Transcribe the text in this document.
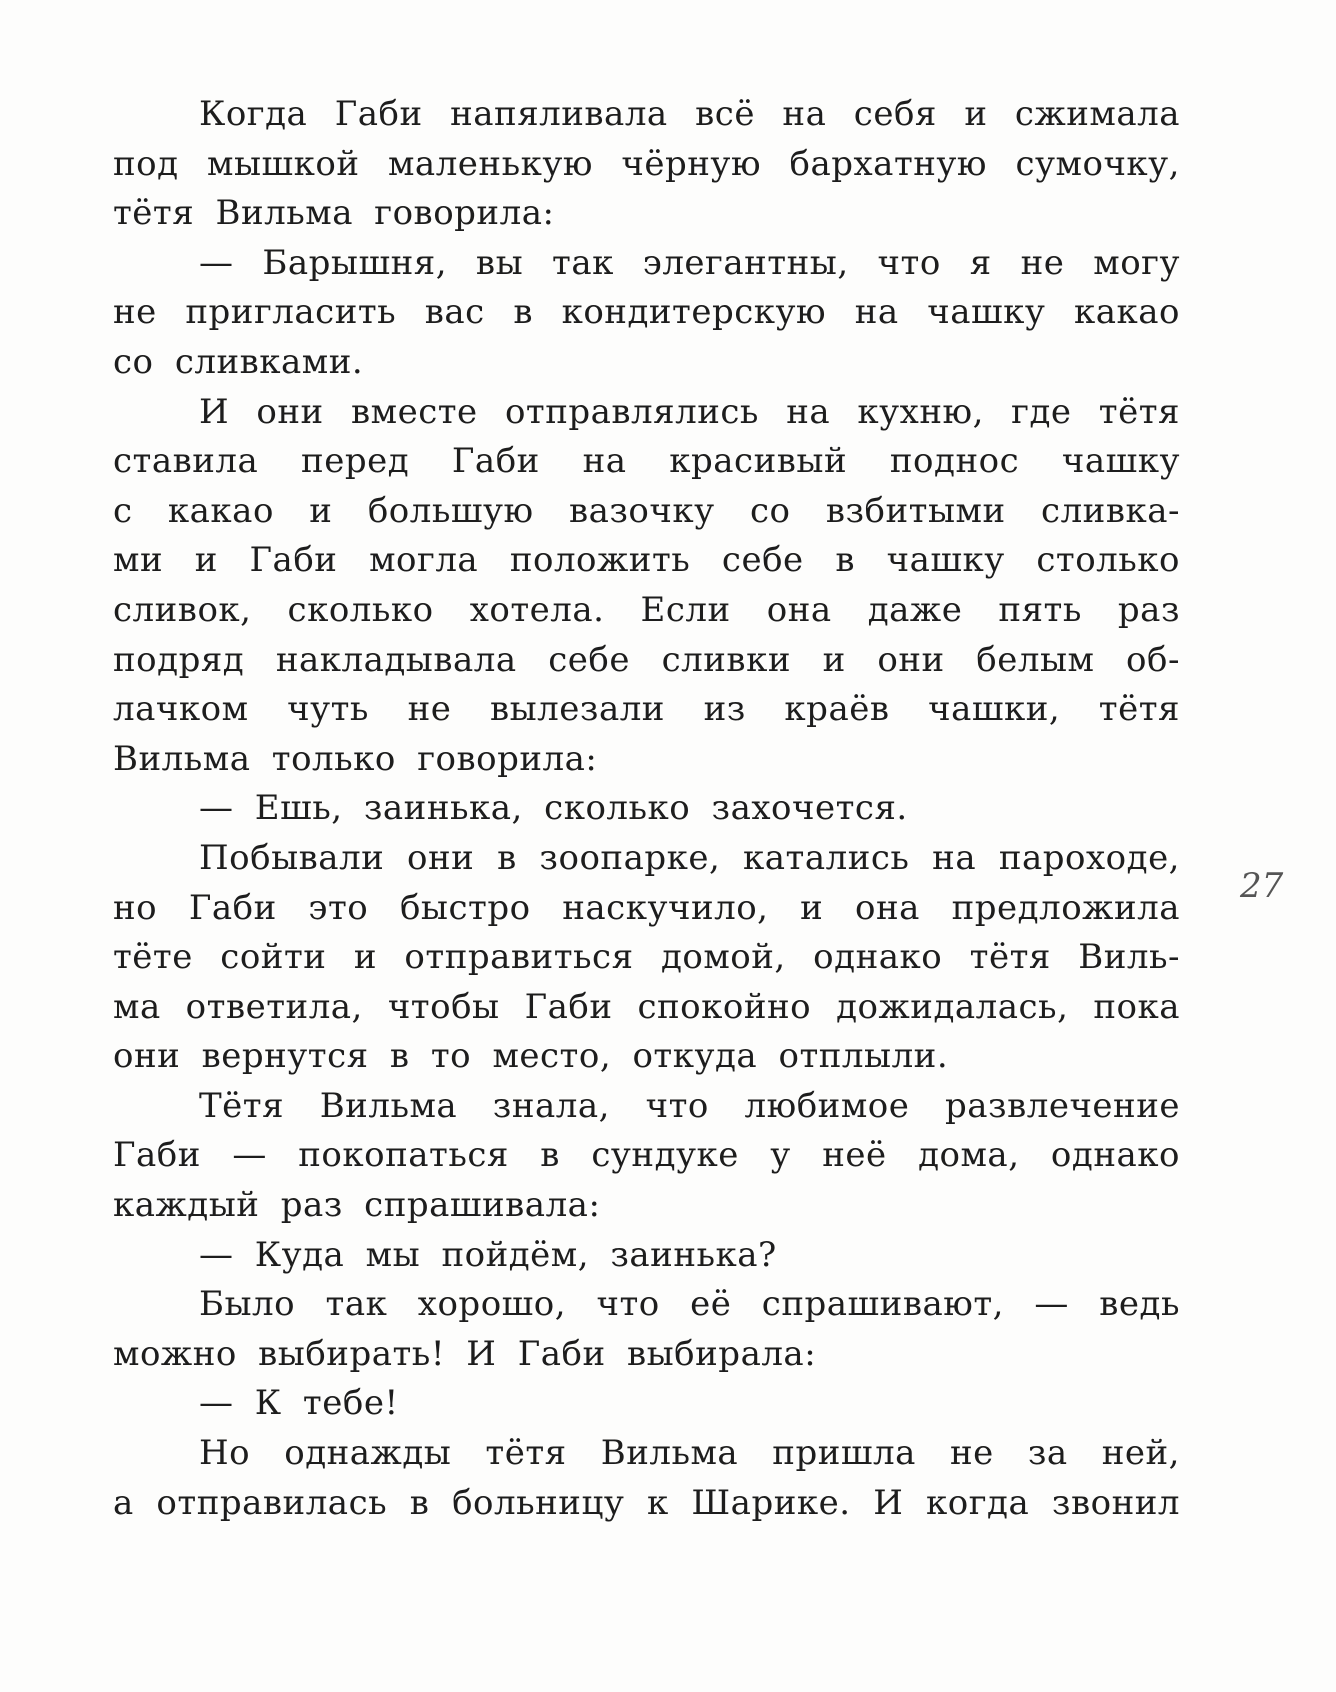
Когда Габи напяливала всё на себя и сжимала
под мышкой маленькую чёрную бархатную сумочку,
тётя Вильма говорила:
— Барышня, вы так элегантны, что я не могу
не пригласить вас в кондитерскую на чашку какао
со сливками.
И они вместе отправлялись на кухню, где тётя
ставила перед Габи на красивый поднос чашку
с какао и большую вазочку со взбитыми сливка-
ми и Габи могла положить себе в чашку столько
сливок, сколько хотела. Если она даже пять раз
подряд накладывала себе сливки и они белым об-
лачком чуть не вылезали из краёв чашки, тётя
Вильма только говорила:
— Ешь, заинька, сколько захочется.
Побывали они в зоопарке, катались на пароходе,
но Габи это быстро наскучило, и она предложила
тёте сойти и отправиться домой, однако тётя Виль-
ма ответила, чтобы Габи спокойно дожидалась, пока
они вернутся в то место, откуда отплыли.
Тётя Вильма знала, что любимое развлечение
Габи — покопаться в сундуке у неё дома, однако
каждый раз спрашивала:
— Куда мы пойдём, заинька?
Было так хорошо, что её спрашивают, — ведь
можно выбирать! И Габи выбирала:
— К тебе!
Но однажды тётя Вильма пришла не за ней,
а отправилась в больницу к Шарике. И когда звонил
27
